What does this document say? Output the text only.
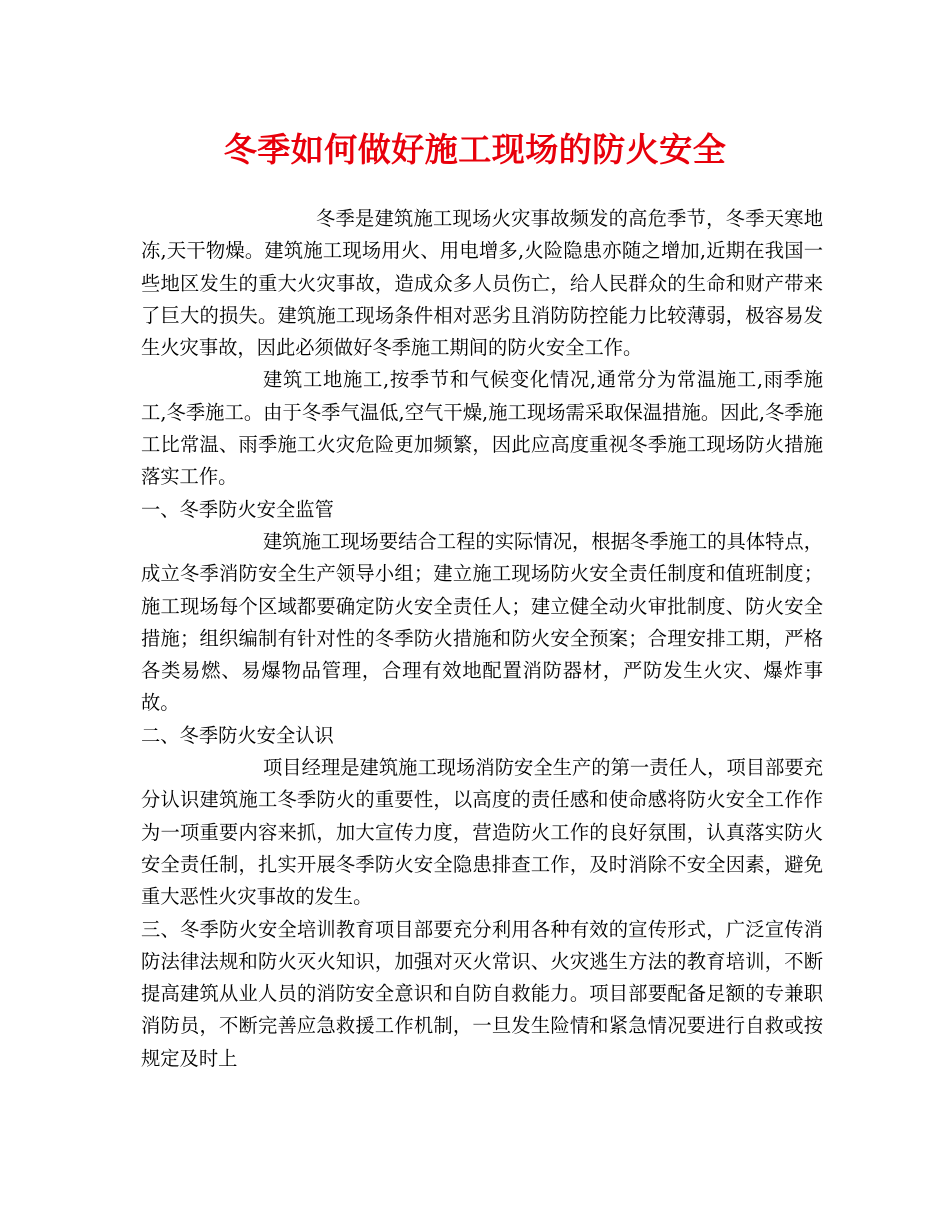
冬季如何做好施工现场的防火安全

冬季是建筑施工现场火灾事故频发的高危季节，冬季天寒地冻,天干物燥。建筑施工现场用火、用电增多,火险隐患亦随之增加,近期在我国一些地区发生的重大火灾事故，造成众多人员伤亡，给人民群众的生命和财产带来了巨大的损失。建筑施工现场条件相对恶劣且消防防控能力比较薄弱，极容易发生火灾事故，因此必须做好冬季施工期间的防火安全工作。

建筑工地施工,按季节和气候变化情况,通常分为常温施工,雨季施工,冬季施工。由于冬季气温低,空气干燥,施工现场需采取保温措施。因此,冬季施工比常温、雨季施工火灾危险更加频繁，因此应高度重视冬季施工现场防火措施落实工作。

一、冬季防火安全监管

建筑施工现场要结合工程的实际情况，根据冬季施工的具体特点，成立冬季消防安全生产领导小组；建立施工现场防火安全责任制度和值班制度；施工现场每个区域都要确定防火安全责任人；建立健全动火审批制度、防火安全措施；组织编制有针对性的冬季防火措施和防火安全预案；合理安排工期，严格各类易燃、易爆物品管理，合理有效地配置消防器材，严防发生火灾、爆炸事故。

二、冬季防火安全认识

项目经理是建筑施工现场消防安全生产的第一责任人，项目部要充分认识建筑施工冬季防火的重要性，以高度的责任感和使命感将防火安全工作作为一项重要内容来抓，加大宣传力度，营造防火工作的良好氛围，认真落实防火安全责任制，扎实开展冬季防火安全隐患排查工作，及时消除不安全因素，避免重大恶性火灾事故的发生。

三、冬季防火安全培训教育项目部要充分利用各种有效的宣传形式，广泛宣传消防法律法规和防火灭火知识，加强对灭火常识、火灾逃生方法的教育培训，不断提高建筑从业人员的消防安全意识和自防自救能力。项目部要配备足额的专兼职消防员，不断完善应急救援工作机制，一旦发生险情和紧急情况要进行自救或按规定及时上
